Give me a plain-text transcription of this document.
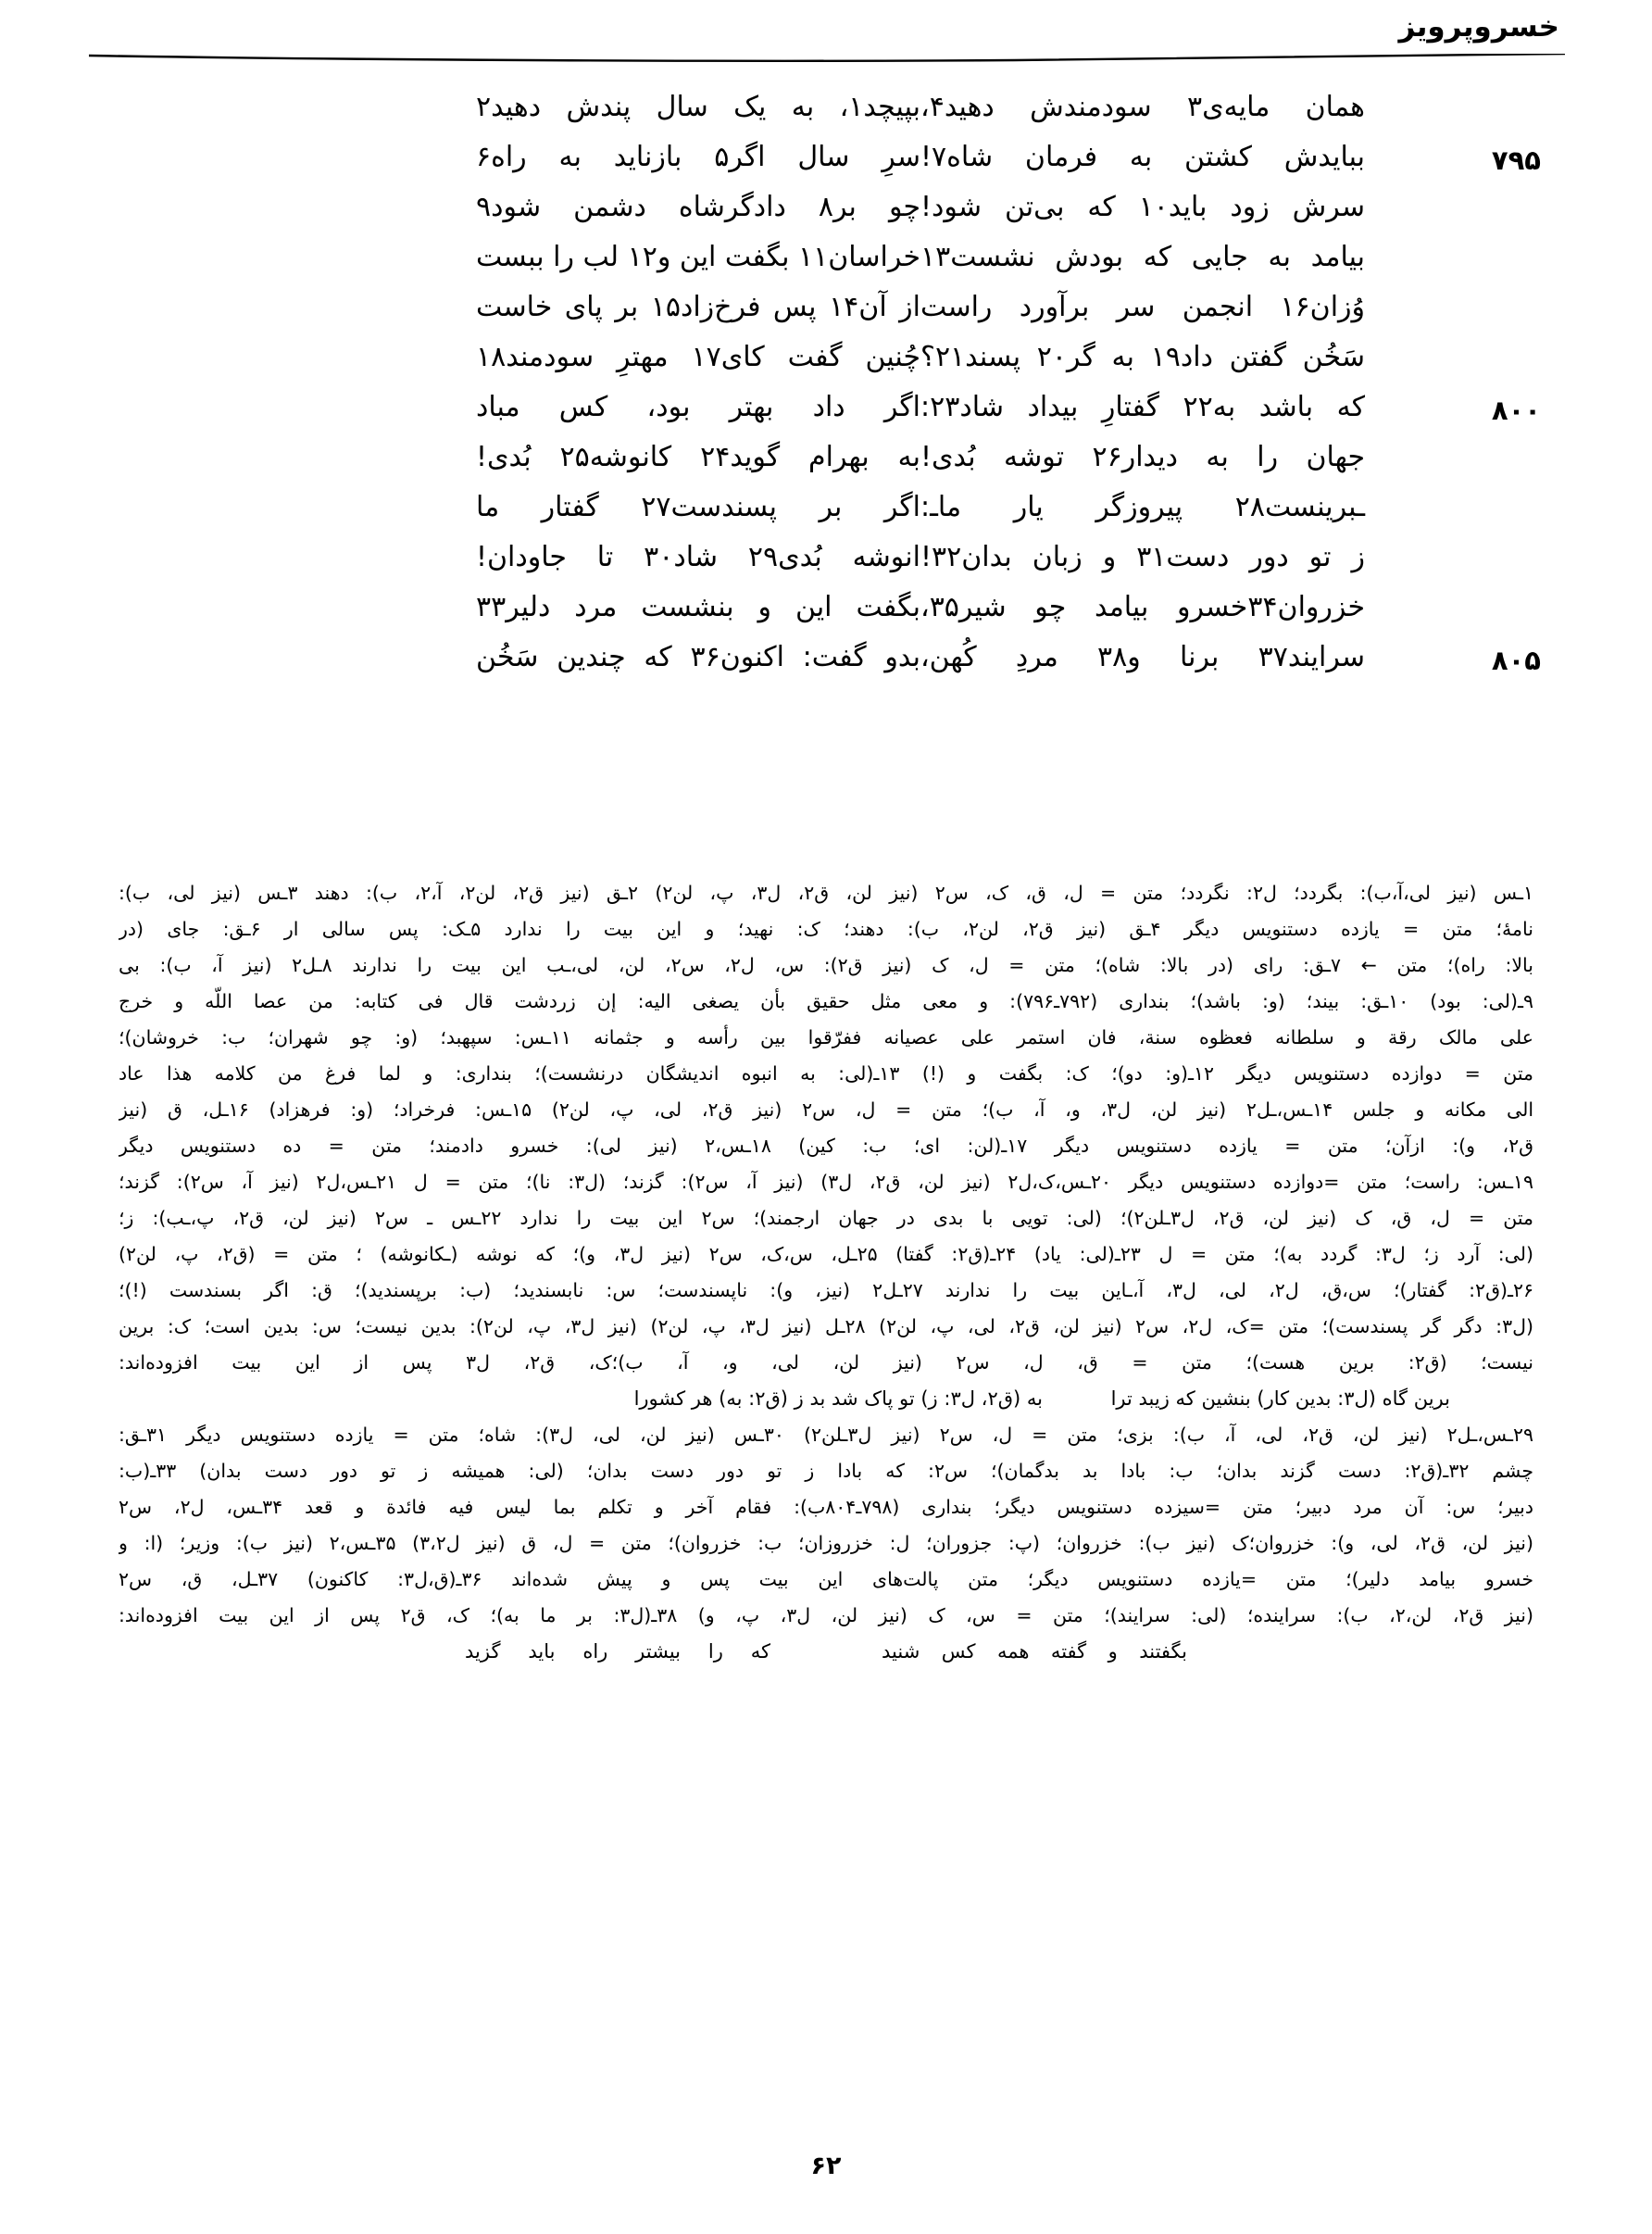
خسروپرویز
همان مایه‌ی۳ سودمندش دهید۴،
بپیچد۱، به یک سال پندش دهید۲
۷۹۵
بباید‌ش کشتن به فرمان شاه۷!
سرِ سال اگر۵ بازناید به راه۶
سرش زود باید۱۰ که بی‌تن شود!
چو بر۸ دادگرشاه دشمن شود۹
بیامد به جایی که بودش نشست۱۳
خراسان۱۱ بگفت این و۱۲ لب را ببست
وُزان۱۶ انجمن سر برآورد راست
از آن۱۴ پس فرخ‌زاد۱۵ بر پای خاست
سَخُن گفتن داد۱۹ به گر۲۰ پسند۲۱؟
چُنین گفت کای۱۷ مهترِ سودمند۱۸
۸۰۰
که باشد به۲۲ گفتارِ بیداد شاد۲۳:
اگر داد بهتر بود، کس مباد
جهان را به دیدار۲۶ توشه بُدی!
به بهرام گوید۲۴ کانوشه۲۵ بُدی!
ـبرینست۲۸ پیروزگر یار ماـ:
اگر بر پسندست۲۷ گفتار ما
ز تو دور دست۳۱ و زبان بدان۳۲!
انوشه بُدی۲۹ شاد۳۰ تا جاودان!
خزروان۳۴خسرو بیامد چو شیر۳۵،
بگفت این و بنشست مرد دلیر۳۳
۸۰۵
سرایند۳۷ برنا و۳۸ مردِ کُهن،
بدو گفت: اکنون۳۶ که چندین سَخُن
۱ـس (نیز لی،آ،ب): بگردد؛ ل۲: نگردد؛ متن = ل، ق، ک، س۲ (نیز لن، ق۲، ل۳، پ، لن۲) ۲ـق (نیز ق۲، لن۲، آ،۲، ب): دهند ۳ـس (نیز لی، ب):
نامهٔ؛ متن = یازده دستنویس دیگر ۴ـق (نیز ق۲، لن۲، ب): دهند؛ ک: نهید؛ و این بیت را ندارد ۵ـک: پس سالی ار ۶ـق: جای (در
بالا: راه)؛ متن ← ۷ـق: رای (در بالا: شاه)؛ متن = ل، ک (نیز ق۲): س، ل۲، س۲، لن، لی،ـب این بیت را ندارند ۸ـل۲ (نیز آ، ب): بی
۹ـ(لی: بود) ۱۰ـق: بیند؛ (و: باشد)؛ بنداری (۷۹۲ـ۷۹۶): و معی مثل حقیق بأن یصغی الیه: إن زردشت قال فی کتابه: من عصا اللّه و خرج
علی مالک رقة و سلطانه فعظوه سنة، فان استمر علی عصیانه ففرّقوا بین رأسه و جثمانه ۱۱ـس: سپهبد؛ (و: چو شهران؛ ب: خروشان)؛
متن = دوازده دستنویس دیگر ۱۲ـ(و: دو)؛ ک: بگفت و (!) ۱۳ـ(لی: به انبوه اندیشگان درنشست)؛ بنداری: و لما فرغ من کلامه هذا عاد
الی مکانه و جلس ۱۴ـس،ـل۲ (نیز لن، ل۳، و، آ، ب)؛ متن = ل، س۲ (نیز ق۲، لی، پ، لن۲) ۱۵ـس: فرخراد؛ (و: فرهزاد) ۱۶ـل، ق (نیز
ق۲، و): ازآن؛ متن = یازده دستنویس دیگر ۱۷ـ(لن: ای؛ ب: کین) ۱۸ـس،۲ (نیز لی): خسرو دادمند؛ متن = ده دستنویس دیگر
۱۹ـس: راست؛ متن =دوازده دستنویس دیگر ۲۰ـس،ک،ل۲ (نیز لن، ق۲، ل۳) (نیز آ، س۲): گزند؛ (ل۳: نا)؛ متن = ل ۲۱ـس،ل۲ (نیز آ، س۲): گزند؛
متن = ل، ق، ک (نیز لن، ق۲، ل۳ـلن۲)؛ (لی: تویی با بدی در جهان ارجمند)؛ س۲ این بیت را ندارد ۲۲ـس ـ س۲ (نیز لن، ق۲، پ،ـب): ز؛
(لی: آرد ز؛ ل۳: گردد به)؛ متن = ل ۲۳ـ(لی: یاد) ۲۴ـ(ق۲: گفتا) ۲۵ـل، س،ک، س۲ (نیز ل۳، و)؛ که نوشه (ـکانوشه) ؛ متن = (ق۲، پ، لن۲)
۲۶ـ(ق۲: گفتار)؛ س،ق، ل۲، لی، ل۳، آ،ـاین بیت را ندارند ۲۷ـل۲ (نیز، و): ناپسندست؛ س: نابسندید؛ (ب: برپسندید)؛ ق: اگر بسندست (!)؛
(ل۳: دگر گر پسندست)؛ متن =ک، ل۲، س۲ (نیز لن، ق۲، لی، پ، لن۲) ۲۸ـل (نیز ل۳، پ، لن۲) (نیز ل۳، پ، لن۲): بدین نیست؛ س: بدین است؛ ک: برین
نیست؛ (ق۲: برین هست)؛ متن = ق، ل، س۲ (نیز لن، لی، و، آ، ب)؛ک، ق۲، ل۳ پس از این بیت افزوده‌اند:
برین گاه (ل۳: بدین کار) بنشین که زیبد ترا
به (ق۲، ل۳: ز) تو پاک شد بد ز (ق۲: به) هر کشورا
۲۹ـس،ـل۲ (نیز لن، ق۲، لی، آ، ب): بزی؛ متن = ل، س۲ (نیز ل۳ـلن۲) ۳۰ـس (نیز لن، لی، ل۳): شاه؛ متن = یازده دستنویس دیگر ۳۱ـق:
چشم ۳۲ـ(ق۲: دست گزند بدان؛ ب: بادا بد بدگمان)؛ س۲: که بادا ز تو دور دست بدان؛ (لی: همیشه ز تو دور دست بدان) ۳۳ـ(ب:
دبیر؛ س: آن مرد دبیر؛ متن =سیزده دستنویس دیگر؛ بنداری (۷۹۸ـ۸۰۴ب): فقام آخر و تکلم بما لیس فیه فائدة و قعد ۳۴ـس، ل۲، س۲
(نیز لن، ق۲، لی، و): خزروان؛ک (نیز ب): خزروان؛ (پ: جزوران؛ ل: خزروزان؛ ب: خزروان)؛ متن = ل، ق (نیز ل۳،۲) ۳۵ـس،۲ (نیز ب): وزیر؛ (ا: و
خسرو بیامد دلیر)؛ متن =یازده دستنویس دیگر؛ متن پالت‌های این بیت پس و پیش شده‌اند ۳۶ـ(ق،ل۳: کاکنون) ۳۷ـل، ق، س۲
(نیز ق۲، لن،۲، ب): سراینده؛ (لی: سرایند)؛ متن = س، ک (نیز لن، ل۳، پ، و) ۳۸ـ(ل۳: بر ما به)؛ ک، ق۲ پس از این بیت افزوده‌اند:
بگفتند و گفته همه کس شنید
که را بیشتر راه باید گزید
۶۲
